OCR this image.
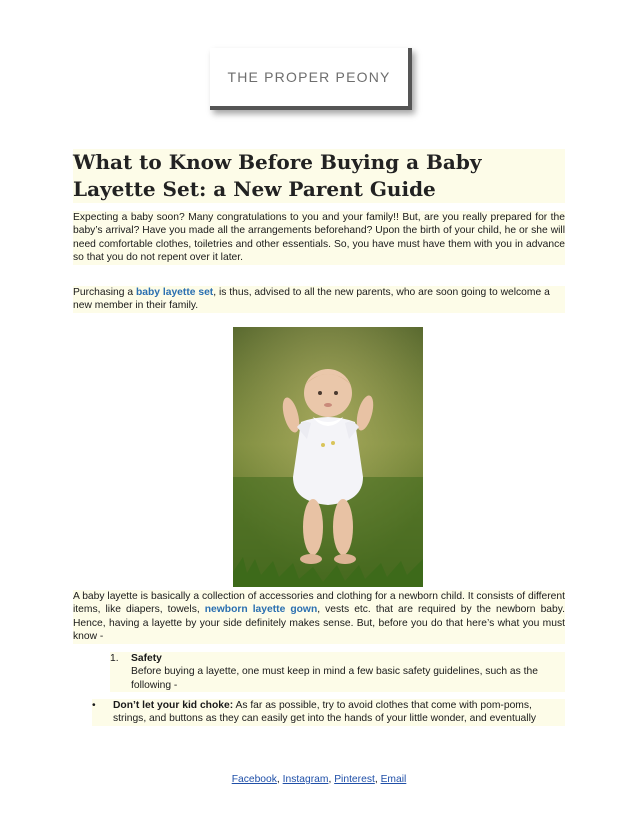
THE PROPER PEONY
What to Know Before Buying a Baby Layette Set: a New Parent Guide

Expecting a baby soon? Many congratulations to you and your family!! But, are you really prepared for the baby’s arrival? Have you made all the arrangements beforehand? Upon the birth of your child, he or she will need comfortable clothes, toiletries and other essentials. So, you have must have them with you in advance so that you do not repent over it later.

Purchasing a baby layette set, is thus, advised to all the new parents, who are soon going to welcome a new member in their family.

A baby layette is basically a collection of accessories and clothing for a newborn child. It consists of different items, like diapers, towels, newborn layette gown, vests etc. that are required by the newborn baby. Hence, having a layette by your side definitely makes sense. But, before you do that here’s what you must know -

1. Safety
Before buying a layette, one must keep in mind a few basic safety guidelines, such as the following -
•	Don’t let your kid choke: As far as possible, try to avoid clothes that come with pom-poms, strings, and buttons as they can easily get into the hands of your little wonder, and eventually
Facebook, Instagram, Pinterest, Email
